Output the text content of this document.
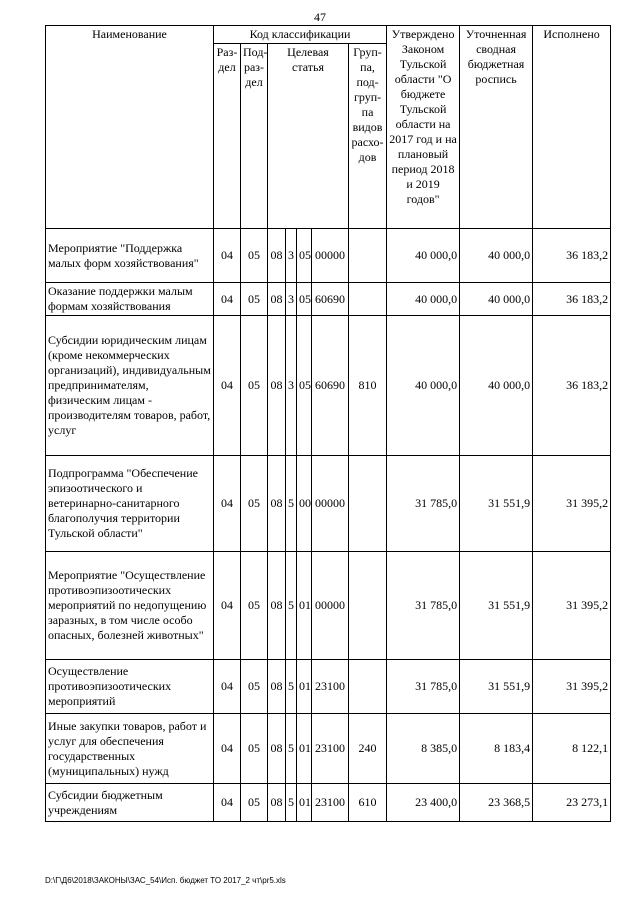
47
Наименование	Код классификации							Утверждено Законом Тульской области "О бюджете Тульской области на 2017 год и на плановый период 2018 и 2019 годов"	Уточненная сводная бюджетная роспись	Исполнено
	Раз-дел	Под-раз-дел	Целевая статья				Груп-па, под-груп-па видов расхо-дов			
Мероприятие "Поддержка малых форм хозяйствования"	04	05	08	3	05	00000		40 000,0	40 000,0	36 183,2
Оказание поддержки малым формам хозяйствования	04	05	08	3	05	60690		40 000,0	40 000,0	36 183,2
Субсидии юридическим лицам (кроме некоммерческих организаций), индивидуальным предпринимателям, физическим лицам - производителям товаров, работ, услуг	04	05	08	3	05	60690	810	40 000,0	40 000,0	36 183,2
Подпрограмма "Обеспечение эпизоотического и ветеринарно-санитарного благополучия территории Тульской области"	04	05	08	5	00	00000		31 785,0	31 551,9	31 395,2
Мероприятие "Осуществление противоэпизоотических мероприятий по недопущению заразных, в том числе особо опасных, болезней животных"	04	05	08	5	01	00000		31 785,0	31 551,9	31 395,2
Осуществление противоэпизоотических мероприятий	04	05	08	5	01	23100		31 785,0	31 551,9	31 395,2
Иные закупки товаров, работ и услуг для обеспечения государственных (муниципальных) нужд	04	05	08	5	01	23100	240	8 385,0	8 183,4	8 122,1
Субсидии бюджетным учреждениям	04	05	08	5	01	23100	610	23 400,0	23 368,5	23 273,1
D:\Г\Д6\2018\ЗАКОНЫ\ЗАС_54\Исп. бюджет ТО 2017_2 чт\pr5.xls
